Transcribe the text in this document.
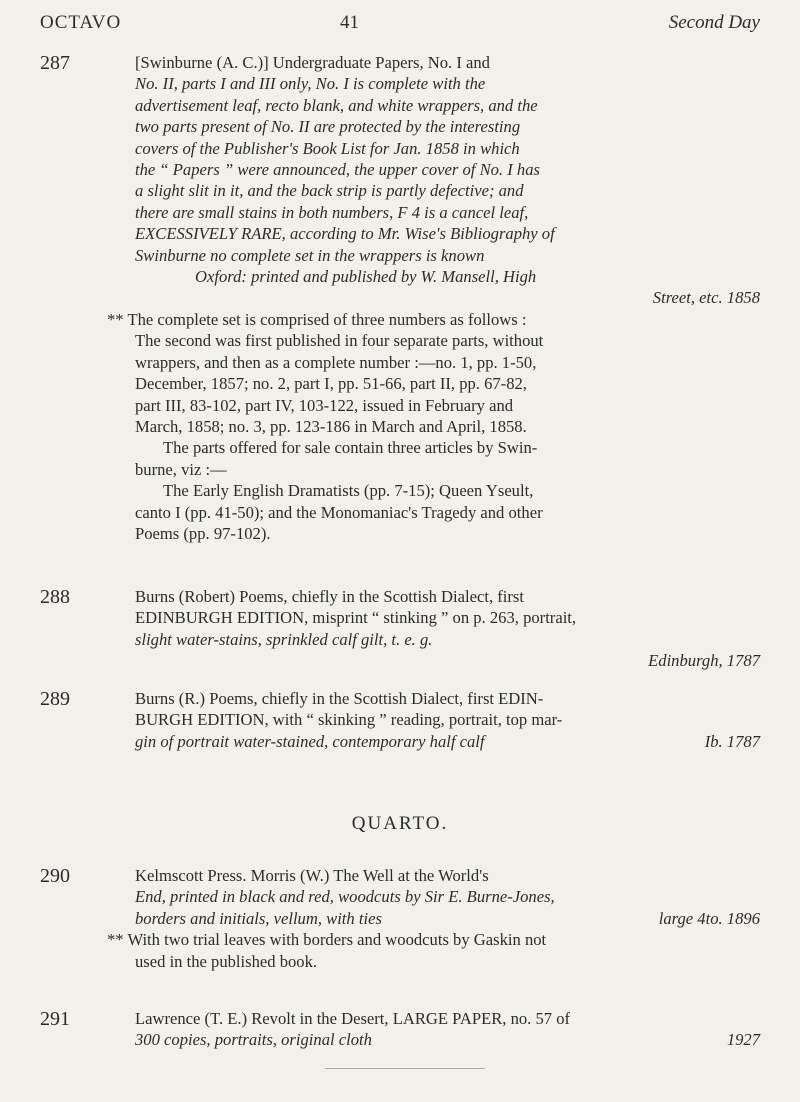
OCTAVO	41	Second Day
287	[Swinburne (A. C.)] Undergraduate Papers, No. I and
No. II, parts I and III only, No. I is complete with the
advertisement leaf, recto blank, and white wrappers, and the
two parts present of No. II are protected by the interesting
covers of the Publisher's Book List for Jan. 1858 in which
the “ Papers ” were announced, the upper cover of No. I has
a slight slit in it, and the back strip is partly defective; and
there are small stains in both numbers, F 4 is a cancel leaf,
EXCESSIVELY RARE, according to Mr. Wise's Bibliography of
Swinburne no complete set in the wrappers is known
Oxford: printed and published by W. Mansell, High
Street, etc. 1858
** The complete set is comprised of three numbers as follows :
The second was first published in four separate parts, without
wrappers, and then as a complete number :—no. 1, pp. 1-50,
December, 1857; no. 2, part I, pp. 51-66, part II, pp. 67-82,
part III, 83-102, part IV, 103-122, issued in February and
March, 1858; no. 3, pp. 123-186 in March and April, 1858.
The parts offered for sale contain three articles by Swin-
burne, viz :—
The Early English Dramatists (pp. 7-15); Queen Yseult,
canto I (pp. 41-50); and the Monomaniac's Tragedy and other
Poems (pp. 97-102).
288	Burns (Robert) Poems, chiefly in the Scottish Dialect, first
EDINBURGH EDITION, misprint “ stinking ” on p. 263, portrait,
slight water-stains, sprinkled calf gilt, t. e. g.
Edinburgh, 1787
289	Burns (R.) Poems, chiefly in the Scottish Dialect, first EDIN-
BURGH EDITION, with “ skinking ” reading, portrait, top mar-
gin of portrait water-stained, contemporary half calf	Ib. 1787
QUARTO.
290	Kelmscott Press. Morris (W.) The Well at the World's
End, printed in black and red, woodcuts by Sir E. Burne-Jones,
borders and initials, vellum, with ties	large 4to. 1896
** With two trial leaves with borders and woodcuts by Gaskin not
used in the published book.
291	Lawrence (T. E.) Revolt in the Desert, LARGE PAPER, no. 57 of
300 copies, portraits, original cloth	1927
